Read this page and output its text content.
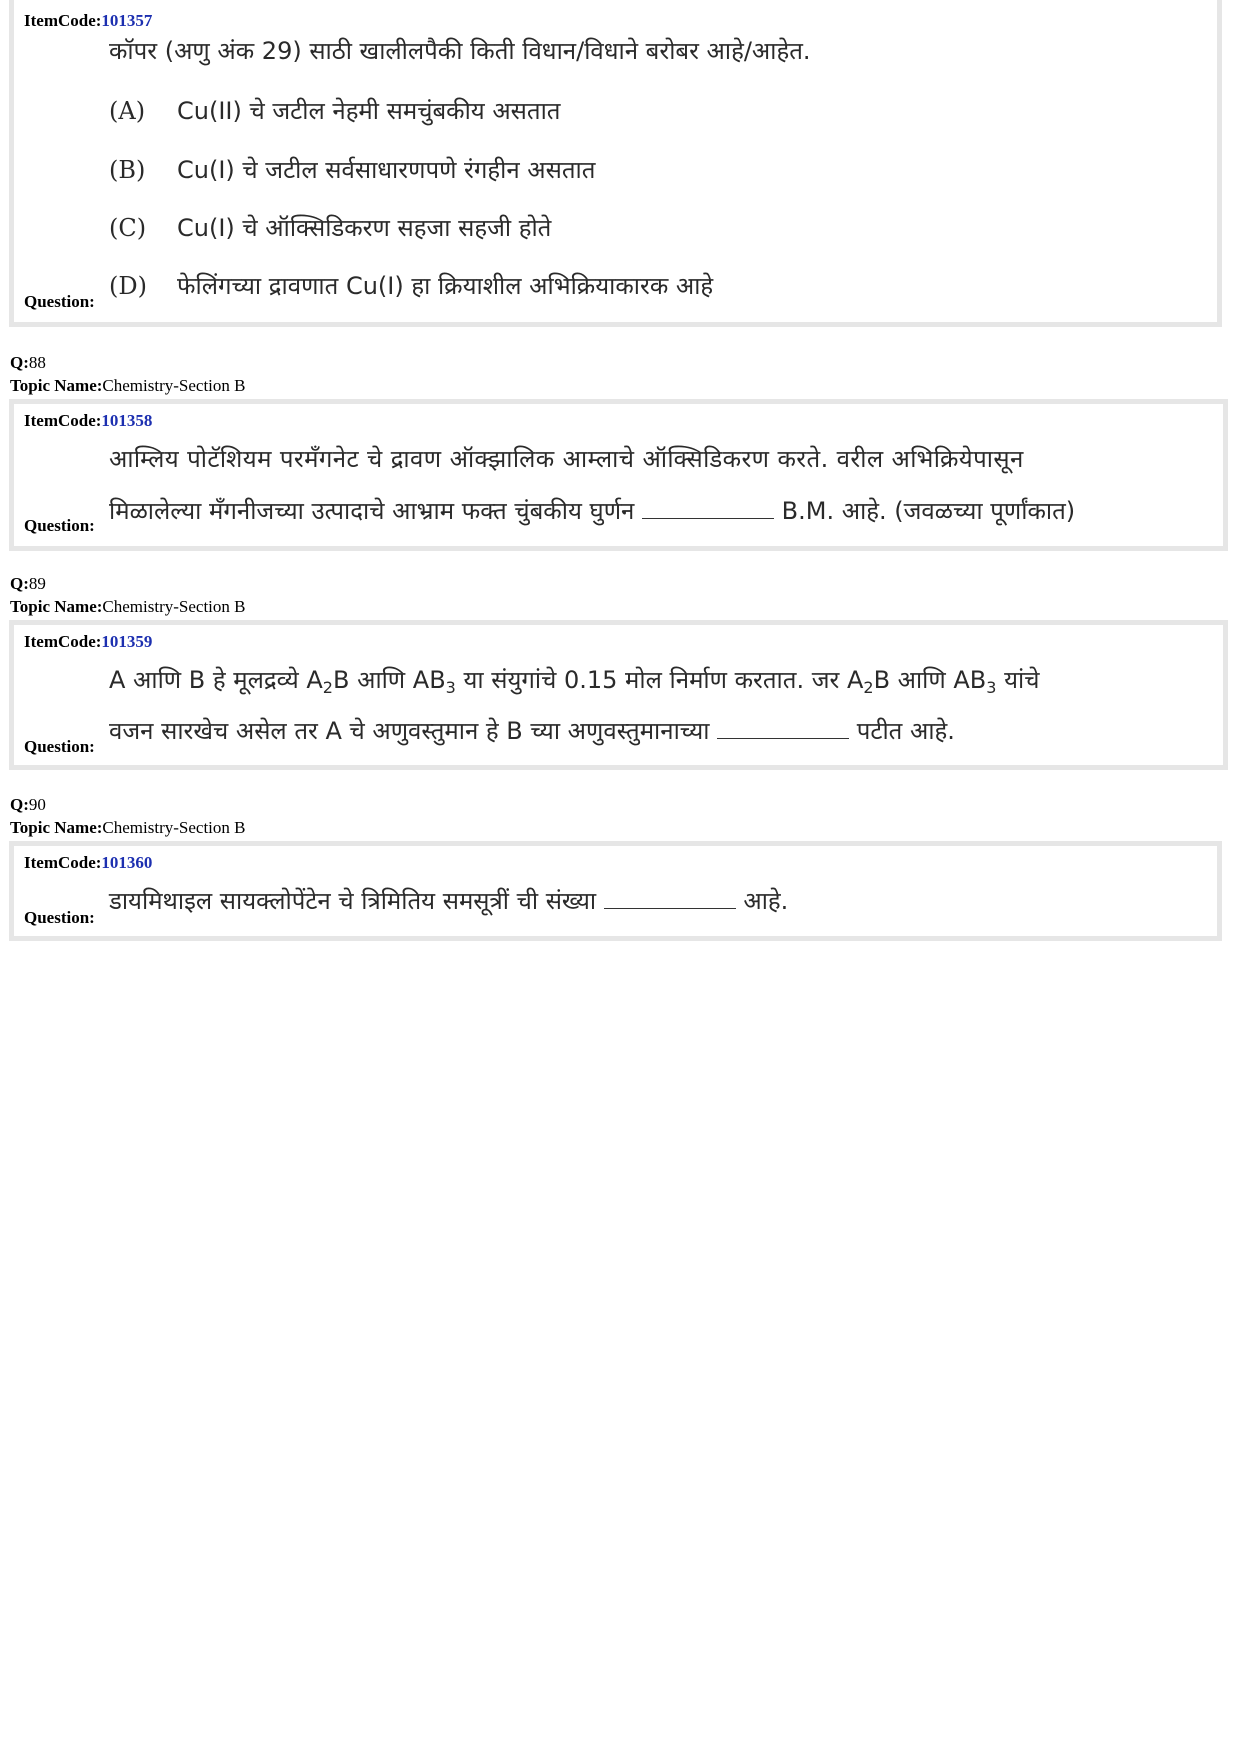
ItemCode:101357
कॉपर (अणु अंक 29) साठी खालीलपैकी किती विधान/विधाने बरोबर आहे/आहेत.
(A) Cu(II) चे जटील नेहमी समचुंबकीय असतात
(B) Cu(I) चे जटील सर्वसाधारणपणे रंगहीन असतात
(C) Cu(I) चे ऑक्सिडिकरण सहजा सहजी होते
(D) फेलिंगच्या द्रावणात Cu(I) हा क्रियाशील अभिक्रियाकारक आहे
Question:
Q:88
Topic Name:Chemistry-Section B
ItemCode:101358
आम्लिय पोटॅशियम परमँगनेट चे द्रावण ऑक्झालिक आम्लाचे ऑक्सिडिकरण करते. वरील अभिक्रियेपासून
मिळालेल्या मँगनीजच्या उत्पादाचे आभ्राम फक्त चुंबकीय घुर्णन	B.M. आहे. (जवळच्या पूर्णांकात)
Question:
Q:89
Topic Name:Chemistry-Section B
ItemCode:101359
A आणि B हे मूलद्रव्ये $A_2B$ आणि $AB_3$ या संयुगांचे 0.15 मोल निर्माण करतात. जर $A_2B$ आणि $AB_3$ यांचे
वजन सारखेच असेल तर A चे अणुवस्तुमान हे B च्या अणुवस्तुमानाच्या	पटीत आहे.
Question:
Q:90
Topic Name:Chemistry-Section B
ItemCode:101360
डायमिथाइल सायक्लोपेंटेन चे त्रिमितिय समसूत्रीं ची संख्या	आहे.
Question:
